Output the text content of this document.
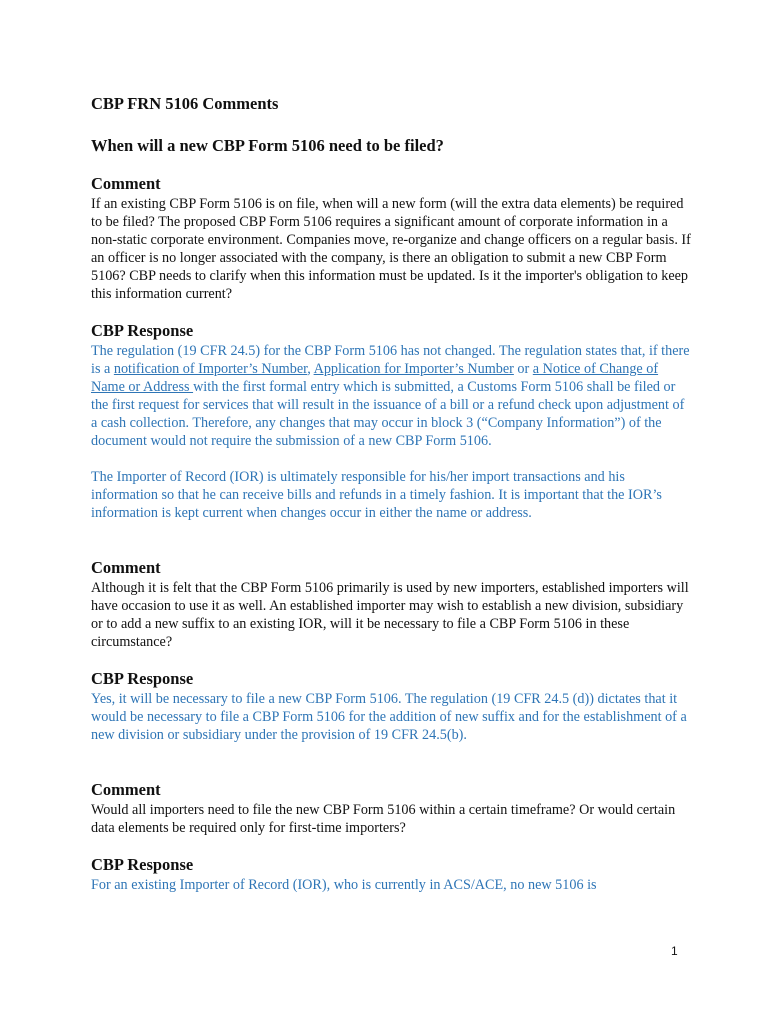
CBP FRN 5106 Comments
When will a new CBP Form 5106 need to be filed?
Comment

If an existing CBP Form 5106 is on file, when will a new form (will the extra data elements) be required to be filed? The proposed CBP Form 5106 requires a significant amount of corporate information in a non-static corporate environment. Companies move, re-organize and change officers on a regular basis. If an officer is no longer associated with the company, is there an obligation to submit a new CBP Form 5106? CBP needs to clarify when this information must be updated. Is it the importer's obligation to keep this information current?

CBP Response

The regulation (19 CFR 24.5) for the CBP Form 5106 has not changed. The regulation states that, if there is a notification of Importer’s Number, Application for Importer’s Number or a Notice of Change of Name or Address with the first formal entry which is submitted, a Customs Form 5106 shall be filed or the first request for services that will result in the issuance of a bill or a refund check upon adjustment of a cash collection. Therefore, any changes that may occur in block 3 (“Company Information”) of the document would not require the submission of a new CBP Form 5106.

The Importer of Record (IOR) is ultimately responsible for his/her import transactions and his information so that he can receive bills and refunds in a timely fashion. It is important that the IOR’s information is kept current when changes occur in either the name or address.

Comment

Although it is felt that the CBP Form 5106 primarily is used by new importers, established importers will have occasion to use it as well. An established importer may wish to establish a new division, subsidiary or to add a new suffix to an existing IOR, will it be necessary to file a CBP Form 5106 in these circumstance?

CBP Response

Yes, it will be necessary to file a new CBP Form 5106. The regulation (19 CFR 24.5 (d)) dictates that it would be necessary to file a CBP Form 5106 for the addition of new suffix and for the establishment of a new division or subsidiary under the provision of 19 CFR 24.5(b).

Comment

Would all importers need to file the new CBP Form 5106 within a certain timeframe? Or would certain data elements be required only for first-time importers?

CBP Response

For an existing Importer of Record (IOR), who is currently in ACS/ACE, no new 5106 is

1
